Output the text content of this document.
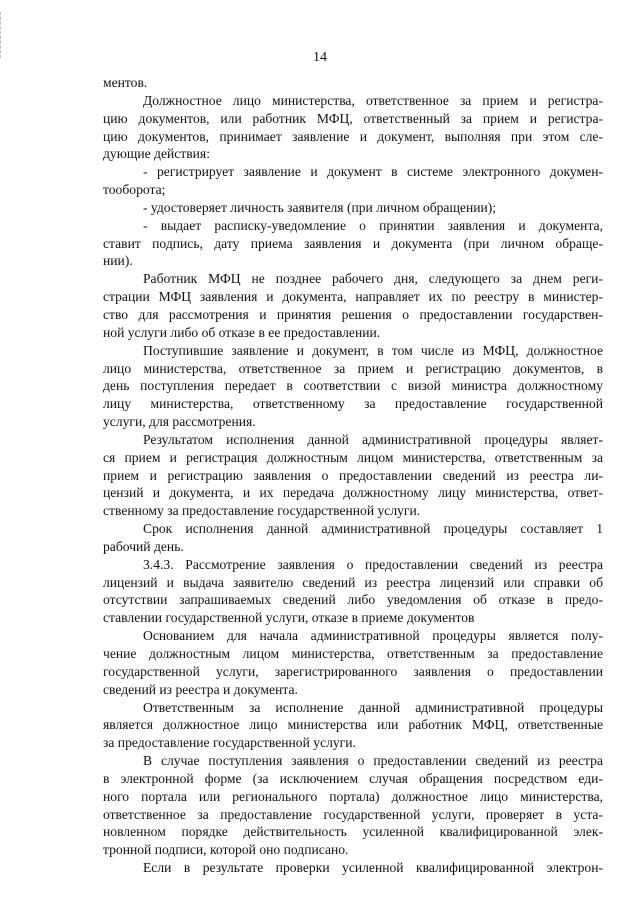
14
ментов.
Должностное лицо министерства, ответственное за прием и регистра-
цию документов, или работник МФЦ, ответственный за прием и регистра-
цию документов, принимает заявление и документ, выполняя при этом сле-
дующие действия:
- регистрирует заявление и документ в системе электронного докумен-
тооборота;
- удостоверяет личность заявителя (при личном обращении);
- выдает расписку-уведомление о принятии заявления и документа,
ставит подпись, дату приема заявления и документа (при личном обраще-
нии).
Работник МФЦ не позднее рабочего дня, следующего за днем реги-
страции МФЦ заявления и документа, направляет их по реестру в министер-
ство для рассмотрения и принятия решения о предоставлении государствен-
ной услуги либо об отказе в ее предоставлении.
Поступившие заявление и документ, в том числе из МФЦ, должностное
лицо министерства, ответственное за прием и регистрацию документов, в
день поступления передает в соответствии с визой министра должностному
лицу министерства, ответственному за предоставление государственной
услуги, для рассмотрения.
Результатом исполнения данной административной процедуры являет-
ся прием и регистрация должностным лицом министерства, ответственным за
прием и регистрацию заявления о предоставлении сведений из реестра ли-
цензий и документа, и их передача должностному лицу министерства, ответ-
ственному за предоставление государственной услуги.
Срок исполнения данной административной процедуры составляет 1
рабочий день.
3.4.3. Рассмотрение заявления о предоставлении сведений из реестра
лицензий и выдача заявителю сведений из реестра лицензий или справки об
отсутствии запрашиваемых сведений либо уведомления об отказе в предо-
ставлении государственной услуги, отказе в приеме документов
Основанием для начала административной процедуры является полу-
чение должностным лицом министерства, ответственным за предоставление
государственной услуги, зарегистрированного заявления о предоставлении
сведений из реестра и документа.
Ответственным за исполнение данной административной процедуры
является должностное лицо министерства или работник МФЦ, ответственные
за предоставление государственной услуги.
В случае поступления заявления о предоставлении сведений из реестра
в электронной форме (за исключением случая обращения посредством еди-
ного портала или регионального портала) должностное лицо министерства,
ответственное за предоставление государственной услуги, проверяет в уста-
новленном порядке действительность усиленной квалифицированной элек-
тронной подписи, которой оно подписано.
Если в результате проверки усиленной квалифицированной электрон-
